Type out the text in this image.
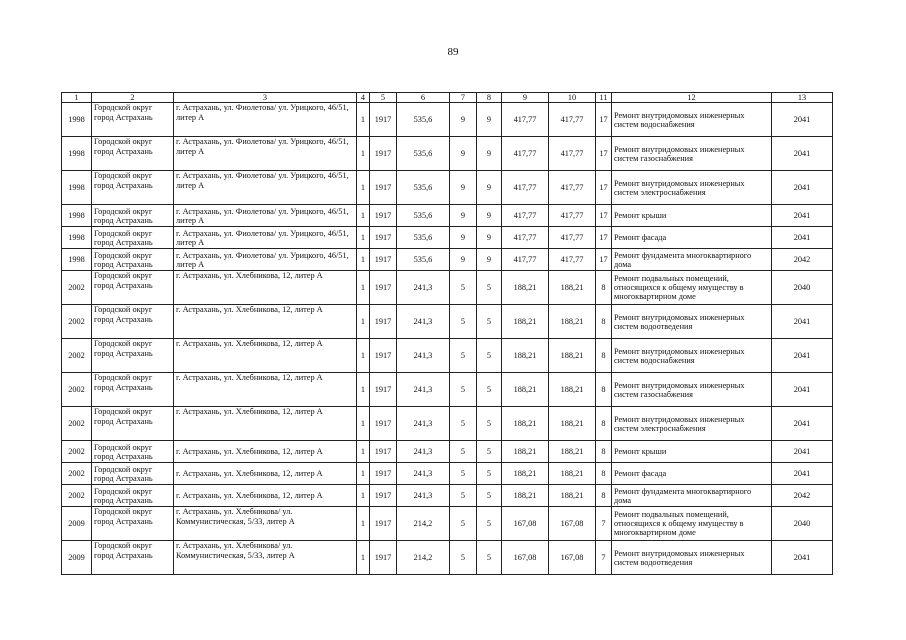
89
1	2	3	4	5	6	7	8	9	10	11	12	13
1998	Городской округ город Астрахань	г. Астрахань, ул. Фиолетова/ ул. Урицкого, 46/51, литер А	1	1917	535,6	9	9	417,77	417,77	17	Ремонт внутридомовых инженерных систем водоснабжения	2041
1998	Городской округ город Астрахань	г. Астрахань, ул. Фиолетова/ ул. Урицкого, 46/51, литер А	1	1917	535,6	9	9	417,77	417,77	17	Ремонт внутридомовых инженерных систем газоснабжения	2041
1998	Городской округ город Астрахань	г. Астрахань, ул. Фиолетова/ ул. Урицкого, 46/51, литер А	1	1917	535,6	9	9	417,77	417,77	17	Ремонт внутридомовых инженерных систем электроснабжения	2041
1998	Городской округ город Астрахань	г. Астрахань, ул. Фиолетова/ ул. Урицкого, 46/51, литер А	1	1917	535,6	9	9	417,77	417,77	17	Ремонт крыши	2041
1998	Городской округ город Астрахань	г. Астрахань, ул. Фиолетова/ ул. Урицкого, 46/51, литер А	1	1917	535,6	9	9	417,77	417,77	17	Ремонт фасада	2041
1998	Городской округ город Астрахань	г. Астрахань, ул. Фиолетова/ ул. Урицкого, 46/51, литер А	1	1917	535,6	9	9	417,77	417,77	17	Ремонт фундамента многоквартирного дома	2042
2002	Городской округ город Астрахань	г. Астрахань, ул. Хлебникова, 12, литер А	1	1917	241,3	5	5	188,21	188,21	8	Ремонт подвальных помещений, относящихся к общему имуществу в многоквартирном доме	2040
2002	Городской округ город Астрахань	г. Астрахань, ул. Хлебникова, 12, литер А	1	1917	241,3	5	5	188,21	188,21	8	Ремонт внутридомовых инженерных систем водоотведения	2041
2002	Городской округ город Астрахань	г. Астрахань, ул. Хлебникова, 12, литер А	1	1917	241,3	5	5	188,21	188,21	8	Ремонт внутридомовых инженерных систем водоснабжения	2041
2002	Городской округ город Астрахань	г. Астрахань, ул. Хлебникова, 12, литер А	1	1917	241,3	5	5	188,21	188,21	8	Ремонт внутридомовых инженерных систем газоснабжения	2041
2002	Городской округ город Астрахань	г. Астрахань, ул. Хлебникова, 12, литер А	1	1917	241,3	5	5	188,21	188,21	8	Ремонт внутридомовых инженерных систем электроснабжения	2041
2002	Городской округ город Астрахань	г. Астрахань, ул. Хлебникова, 12, литер А	1	1917	241,3	5	5	188,21	188,21	8	Ремонт крыши	2041
2002	Городской округ город Астрахань	г. Астрахань, ул. Хлебникова, 12, литер А	1	1917	241,3	5	5	188,21	188,21	8	Ремонт фасада	2041
2002	Городской округ город Астрахань	г. Астрахань, ул. Хлебникова, 12, литер А	1	1917	241,3	5	5	188,21	188,21	8	Ремонт фундамента многоквартирного дома	2042
2009	Городской округ город Астрахань	г. Астрахань, ул. Хлебникова/ ул. Коммунистическая, 5/33, литер А	1	1917	214,2	5	5	167,08	167,08	7	Ремонт подвальных помещений, относящихся к общему имуществу в многоквартирном доме	2040
2009	Городской округ город Астрахань	г. Астрахань, ул. Хлебникова/ ул. Коммунистическая, 5/33, литер А	1	1917	214,2	5	5	167,08	167,08	7	Ремонт внутридомовых инженерных систем водоотведения	2041
